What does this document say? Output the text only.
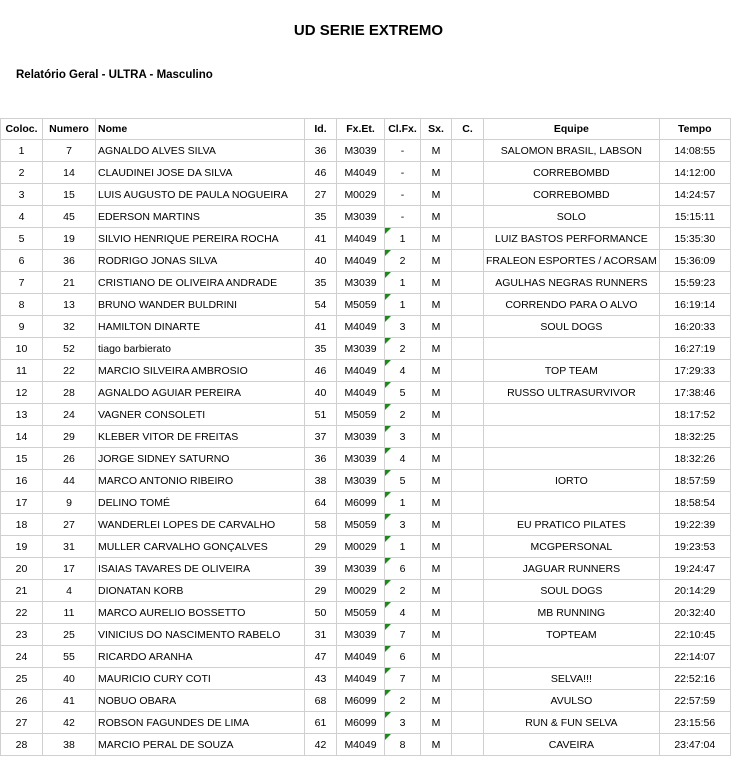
UD SERIE EXTREMO
Relatório Geral - ULTRA - Masculino
Coloc.	Numero	Nome	Id.	Fx.Et.	Cl.Fx.	Sx.	C.	Equipe	Tempo
1	7	AGNALDO ALVES SILVA	36	M3039	-	M		SALOMON BRASIL, LABSON	14:08:55
2	14	CLAUDINEI JOSE DA SILVA	46	M4049	-	M		CORREBOMBD	14:12:00
3	15	LUIS AUGUSTO DE PAULA NOGUEIRA	27	M0029	-	M		CORREBOMBD	14:24:57
4	45	EDERSON MARTINS	35	M3039	-	M		SOLO	15:15:11
5	19	SILVIO HENRIQUE PEREIRA ROCHA	41	M4049	1	M		LUIZ BASTOS PERFORMANCE	15:35:30
6	36	RODRIGO JONAS SILVA	40	M4049	2	M		FRALEON ESPORTES / ACORSAM	15:36:09
7	21	CRISTIANO DE OLIVEIRA ANDRADE	35	M3039	1	M		AGULHAS NEGRAS RUNNERS	15:59:23
8	13	BRUNO WANDER BULDRINI	54	M5059	1	M		CORRENDO PARA O ALVO	16:19:14
9	32	HAMILTON DINARTE	41	M4049	3	M		SOUL DOGS	16:20:33
10	52	tiago barbierato	35	M3039	2	M			16:27:19
11	22	MARCIO SILVEIRA AMBROSIO	46	M4049	4	M		TOP TEAM	17:29:33
12	28	AGNALDO AGUIAR PEREIRA	40	M4049	5	M		RUSSO ULTRASURVIVOR	17:38:46
13	24	VAGNER CONSOLETI	51	M5059	2	M			18:17:52
14	29	KLEBER VITOR DE FREITAS	37	M3039	3	M			18:32:25
15	26	JORGE SIDNEY SATURNO	36	M3039	4	M			18:32:26
16	44	MARCO ANTONIO RIBEIRO	38	M3039	5	M		IORTO	18:57:59
17	9	DELINO TOMÉ	64	M6099	1	M			18:58:54
18	27	WANDERLEI LOPES DE CARVALHO	58	M5059	3	M		EU PRATICO PILATES	19:22:39
19	31	MULLER CARVALHO GONÇALVES	29	M0029	1	M		MCGPERSONAL	19:23:53
20	17	ISAIAS TAVARES DE OLIVEIRA	39	M3039	6	M		JAGUAR RUNNERS	19:24:47
21	4	DIONATAN KORB	29	M0029	2	M		SOUL DOGS	20:14:29
22	11	MARCO AURELIO BOSSETTO	50	M5059	4	M		MB RUNNING	20:32:40
23	25	VINICIUS DO NASCIMENTO RABELO	31	M3039	7	M		TOPTEAM	22:10:45
24	55	RICARDO ARANHA	47	M4049	6	M			22:14:07
25	40	MAURICIO CURY COTI	43	M4049	7	M		SELVA!!!	22:52:16
26	41	NOBUO OBARA	68	M6099	2	M		AVULSO	22:57:59
27	42	ROBSON FAGUNDES DE LIMA	61	M6099	3	M		RUN & FUN SELVA	23:15:56
28	38	MARCIO PERAL DE SOUZA	42	M4049	8	M		CAVEIRA	23:47:04
